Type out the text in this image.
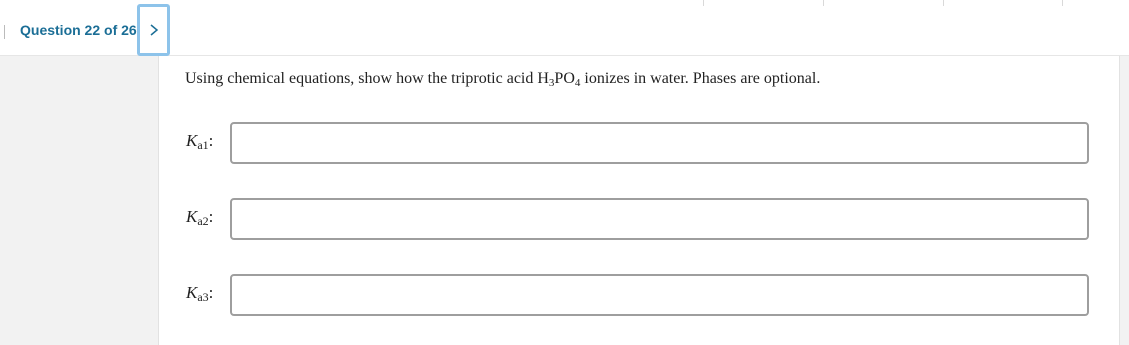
Question 22 of 26
Using chemical equations, show how the triprotic acid $H_3PO_4$ ionizes in water. Phases are optional.
$K_{a1}$:
$K_{a2}$:
$K_{a3}$:
